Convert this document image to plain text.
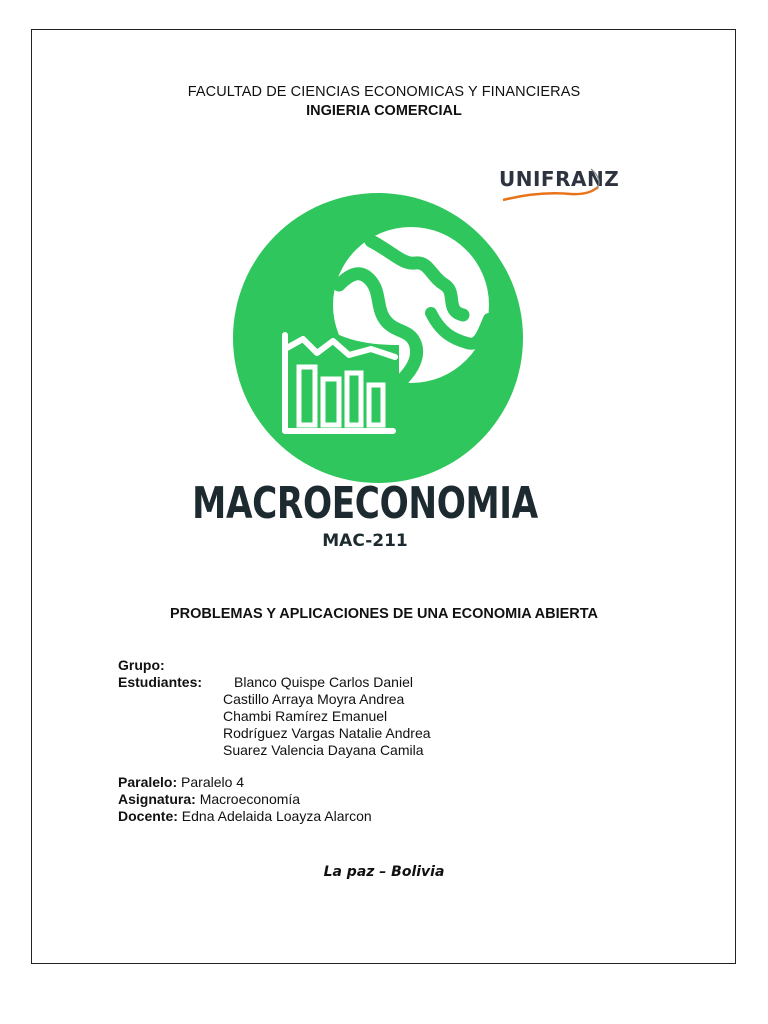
FACULTAD DE CIENCIAS ECONOMICAS Y FINANCIERAS
INGIERIA COMERCIAL
UNIFRANZ
MACROECONOMIA
MAC-211
PROBLEMAS Y APLICACIONES DE UNA ECONOMIA ABIERTA
Grupo:
Estudiantes:	Blanco Quispe Carlos Daniel
Castillo Arraya Moyra Andrea
Chambi Ramírez Emanuel
Rodríguez Vargas Natalie Andrea
Suarez Valencia Dayana Camila
Paralelo: Paralelo 4
Asignatura: Macroeconomía
Docente: Edna Adelaida Loayza Alarcon
La paz – Bolivia
